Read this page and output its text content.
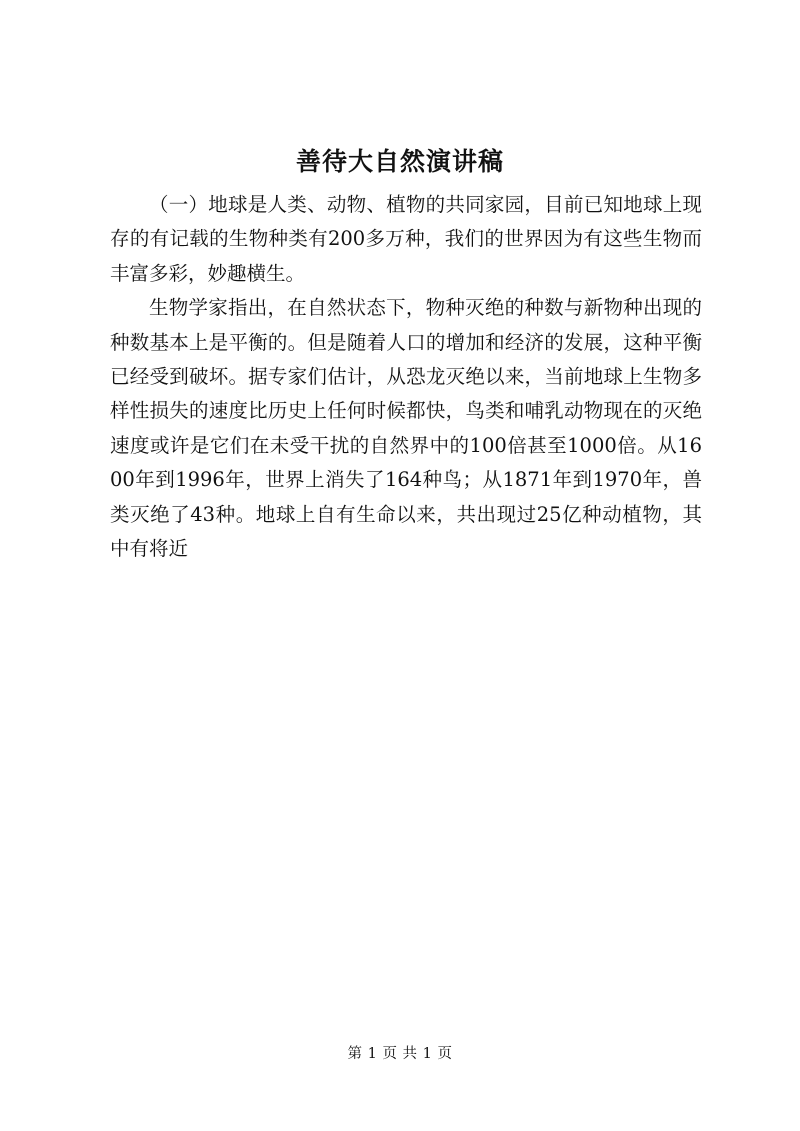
善待大自然演讲稿

（一）地球是人类、动物、植物的共同家园，目前已知地球上现存的有记载的生物种类有200多万种，我们的世界因为有这些生物而丰富多彩，妙趣横生。

生物学家指出，在自然状态下，物种灭绝的种数与新物种出现的种数基本上是平衡的。但是随着人口的增加和经济的发展，这种平衡已经受到破坏。据专家们估计，从恐龙灭绝以来，当前地球上生物多样性损失的速度比历史上任何时候都快，鸟类和哺乳动物现在的灭绝速度或许是它们在未受干扰的自然界中的100倍甚至1000倍。从1600年到1996年，世界上消失了164种鸟；从1871年到1970年，兽类灭绝了43种。地球上自有生命以来，共出现过25亿种动植物，其中有将近

第 1 页 共 1 页
